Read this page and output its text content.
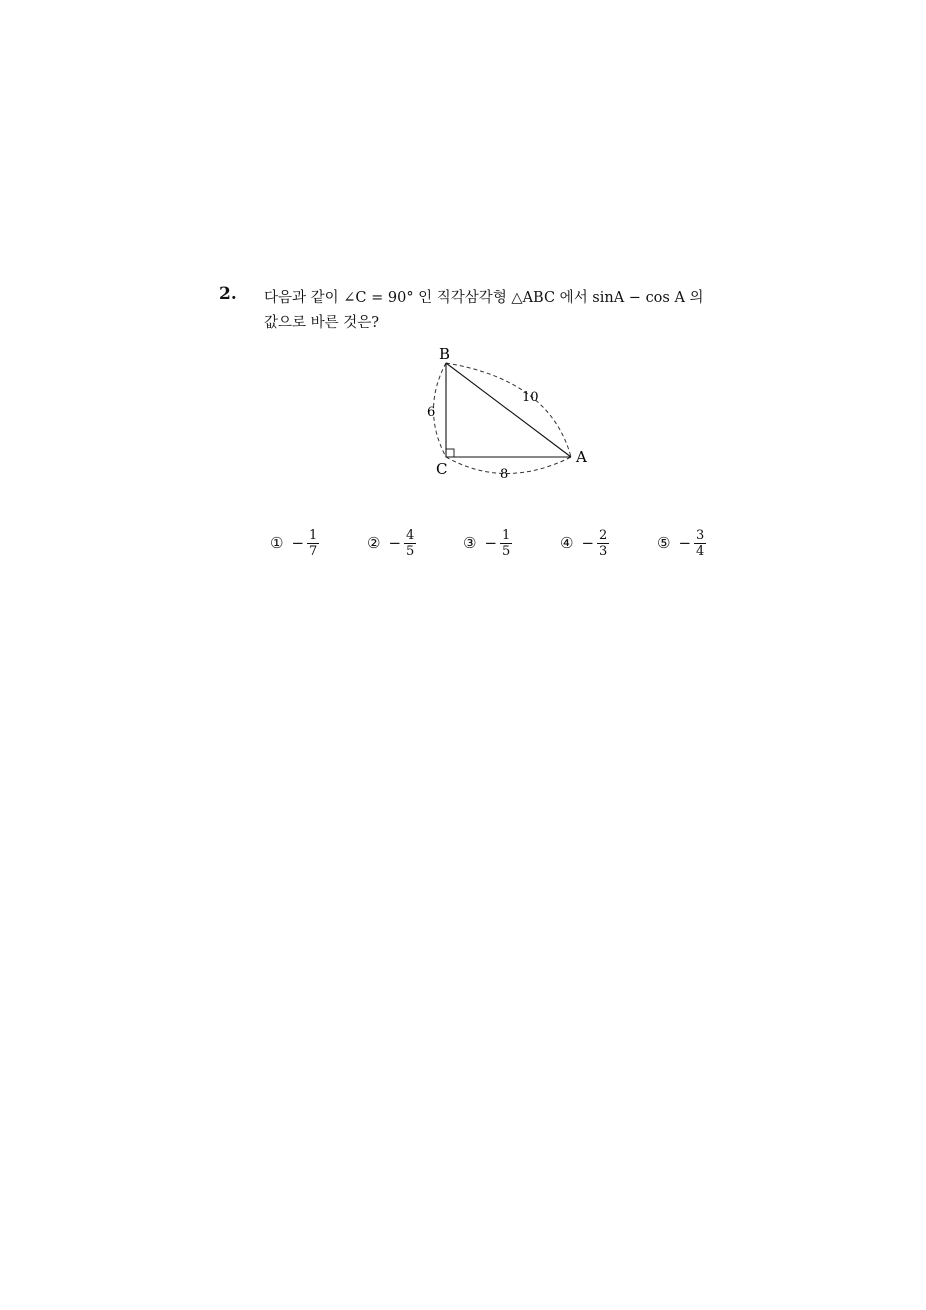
2. 다음과 같이 ∠C = 90° 인 직각삼각형 △ABC 에서 sinA − cos A 의
값으로 바른 것은?
B
C
A
6
10
8
① − $\frac{1}{7}$	② − $\frac{4}{5}$	③ − $\frac{1}{5}$	④ − $\frac{2}{3}$	⑤ − $\frac{3}{4}$
